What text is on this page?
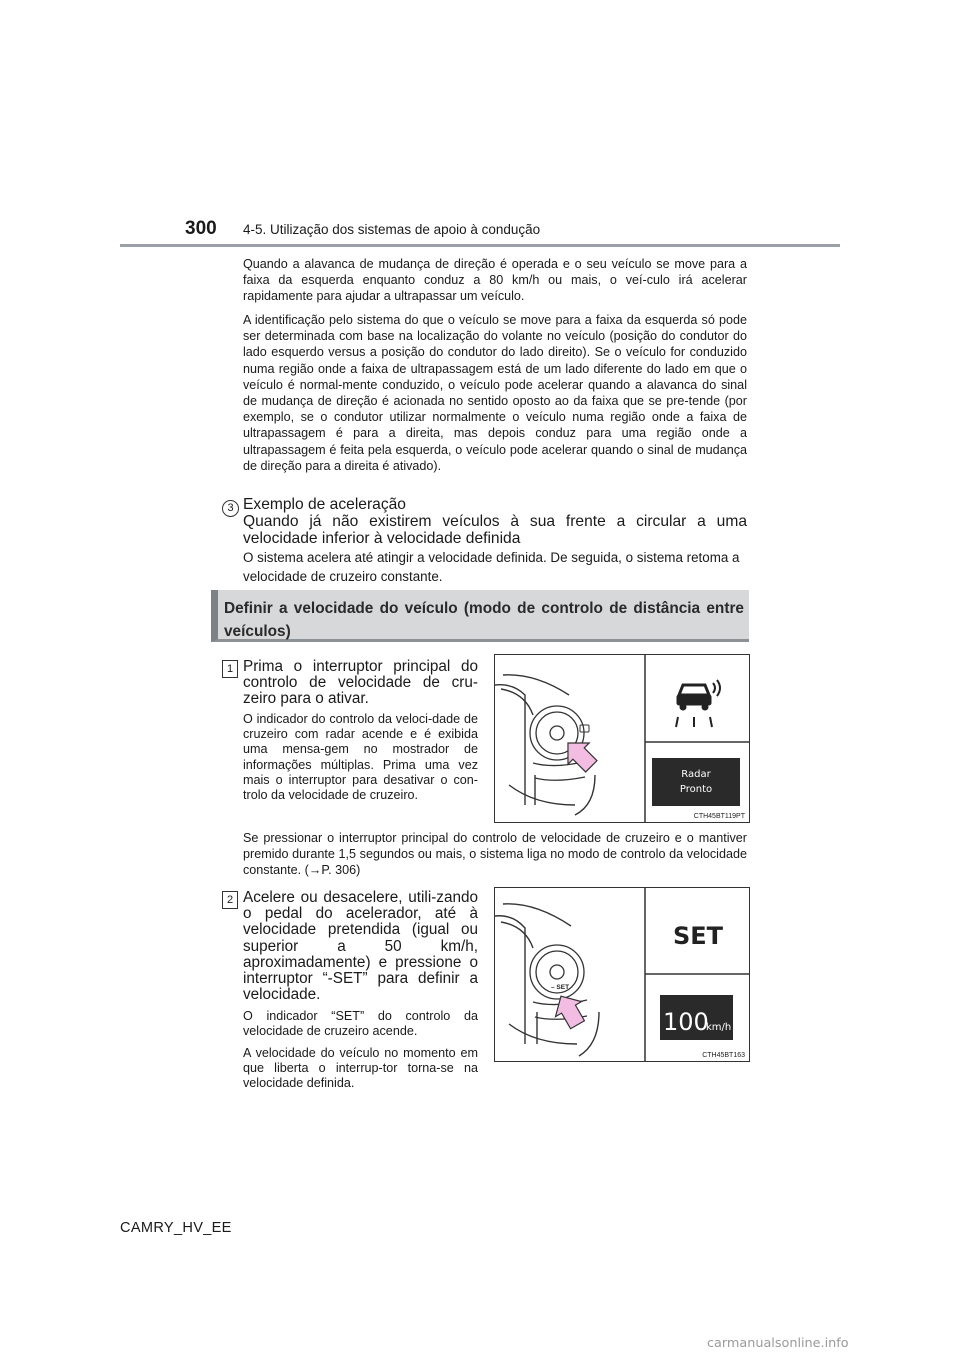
300 4-5. Utilização dos sistemas de apoio à condução

Quando a alavanca de mudança de direção é operada e o seu veículo se move para a faixa da esquerda enquanto conduz a 80 km/h ou mais, o veí-culo irá acelerar rapidamente para ajudar a ultrapassar um veículo.

A identificação pelo sistema do que o veículo se move para a faixa da esquerda só pode ser determinada com base na localização do volante no veículo (posição do condutor do lado esquerdo versus a posição do condutor do lado direito). Se o veículo for conduzido numa região onde a faixa de ultrapassagem está de um lado diferente do lado em que o veículo é normal-mente conduzido, o veículo pode acelerar quando a alavanca do sinal de mudança de direção é acionada no sentido oposto ao da faixa que se pre-tende (por exemplo, se o condutor utilizar normalmente o veículo numa região onde a faixa de ultrapassagem é para a direita, mas depois conduz para uma região onde a ultrapassagem é feita pela esquerda, o veículo pode acelerar quando o sinal de mudança de direção para a direita é ativado).

3 Exemplo de aceleração
Quando já não existirem veículos à sua frente a circular a uma velocidade inferior à velocidade definida

O sistema acelera até atingir a velocidade definida. De seguida, o sistema retoma a velocidade de cruzeiro constante.

Definir a velocidade do veículo (modo de controlo de distância entre veículos)
1 Prima o interruptor principal do controlo de velocidade de cru-zeiro para o ativar.

O indicador do controlo da veloci-dade de cruzeiro com radar acende e é exibida uma mensa-gem no mostrador de informações múltiplas. Prima uma vez mais o interruptor para desativar o con-trolo da velocidade de cruzeiro.

Se pressionar o interruptor principal do controlo de velocidade de cruzeiro e o mantiver premido durante 1,5 segundos ou mais, o sistema liga no modo de controlo da velocidade constante. (→P. 306)

Radar
Pronto
CTH45BT119PT
2 Acelere ou desacelere, utili-zando o pedal do acelerador, até à velocidade pretendida (igual ou superior a 50 km/h, aproximadamente) e pressione o interruptor “-SET” para definir a velocidade.

O indicador “SET” do controlo da velocidade de cruzeiro acende.

A velocidade do veículo no momento em que liberta o interrup-tor torna-se na velocidade definida.

– SET
SET
100
km/h
CTH45BT163
CAMRY_HV_EE
carmanualsonline.info
